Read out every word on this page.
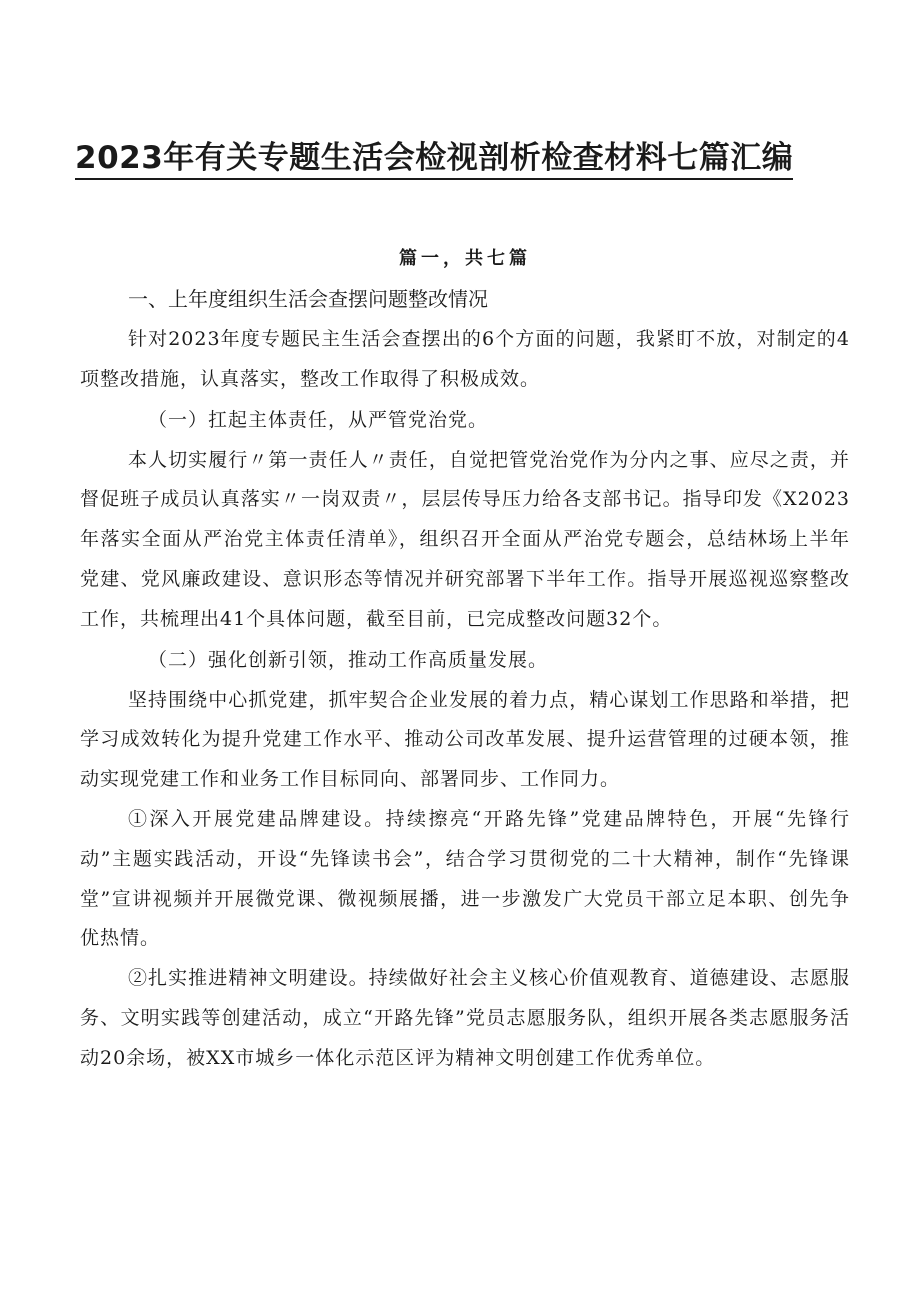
2023年有关专题生活会检视剖析检查材料七篇汇编

篇一，共七篇

一、上年度组织生活会查摆问题整改情况

针对2023年度专题民主生活会查摆出的6个方面的问题，我紧盯不放，对制定的4项整改措施，认真落实，整改工作取得了积极成效。

（一）扛起主体责任，从严管党治党。

本人切实履行〃第一责任人〃责任，自觉把管党治党作为分内之事、应尽之责，并督促班子成员认真落实〃一岗双责〃，层层传导压力给各支部书记。指导印发《X2023年落实全面从严治党主体责任清单》，组织召开全面从严治党专题会，总结林场上半年党建、党风廉政建设、意识形态等情况并研究部署下半年工作。指导开展巡视巡察整改工作，共梳理出41个具体问题，截至目前，已完成整改问题32个。

（二）强化创新引领，推动工作高质量发展。

坚持围绕中心抓党建，抓牢契合企业发展的着力点，精心谋划工作思路和举措，把学习成效转化为提升党建工作水平、推动公司改革发展、提升运营管理的过硬本领，推动实现党建工作和业务工作目标同向、部署同步、工作同力。

①深入开展党建品牌建设。持续擦亮“开路先锋”党建品牌特色，开展“先锋行动”主题实践活动，开设“先锋读书会”，结合学习贯彻党的二十大精神，制作“先锋课堂”宣讲视频并开展微党课、微视频展播，进一步激发广大党员干部立足本职、创先争优热情。

②扎实推进精神文明建设。持续做好社会主义核心价值观教育、道德建设、志愿服务、文明实践等创建活动，成立“开路先锋”党员志愿服务队，组织开展各类志愿服务活动20余场，被XX市城乡一体化示范区评为精神文明创建工作优秀单位。
